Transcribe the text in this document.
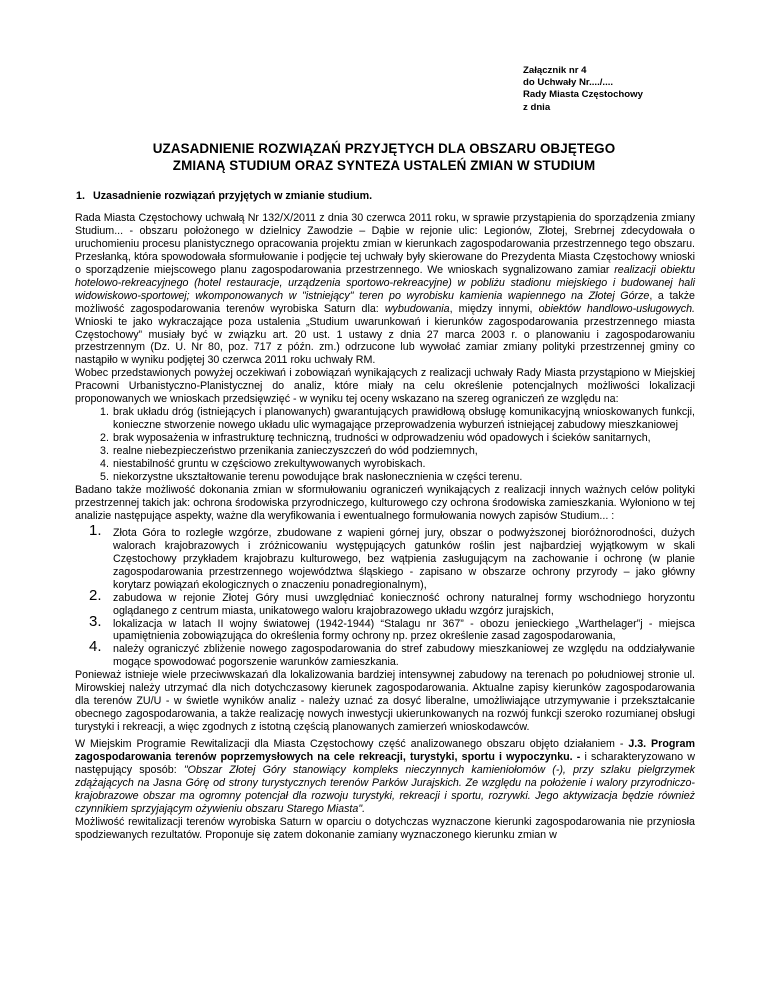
Załącznik nr 4
do Uchwały Nr..../....
Rady Miasta Częstochowy
z dnia
UZASADNIENIE ROZWIĄZAŃ PRZYJĘTYCH DLA OBSZARU OBJĘTEGO
ZMIANĄ STUDIUM ORAZ SYNTEZA USTALEŃ ZMIAN W STUDIUM
1. Uzasadnienie rozwiązań przyjętych w zmianie studium.

Rada Miasta Częstochowy uchwałą Nr 132/X/2011 z dnia 30 czerwca 2011 roku, w sprawie przystąpienia do sporządzenia zmiany Studium... - obszaru położonego w dzielnicy Zawodzie – Dąbie w rejonie ulic: Legionów, Złotej, Srebrnej zdecydowała o uruchomieniu procesu planistycznego opracowania projektu zmian w kierunkach zagospodarowania przestrzennego tego obszaru. Przesłanką, która spowodowała sformułowanie i podjęcie tej uchwały były skierowane do Prezydenta Miasta Częstochowy wnioski o sporządzenie miejscowego planu zagospodarowania przestrzennego. We wnioskach sygnalizowano zamiar realizacji obiektu hotelowo-rekreacyjnego (hotel restauracje, urządzenia sportowo-rekreacyjne) w pobliżu stadionu miejskiego i budowanej hali widowiskowo-sportowej; wkomponowanych w "istniejący" teren po wyrobisku kamienia wapiennego na Złotej Górze, a także możliwość zagospodarowania terenów wyrobiska Saturn dla: wybudowania, między innymi, obiektów handlowo-usługowych. Wnioski te jako wykraczające poza ustalenia „Studium uwarunkowań i kierunków zagospodarowania przestrzennego miasta Częstochowy” musiały być w związku art. 20 ust. 1 ustawy z dnia 27 marca 2003 r. o planowaniu i zagospodarowaniu przestrzennym (Dz. U. Nr 80, poz. 717 z późn. zm.) odrzucone lub wywołać zamiar zmiany polityki przestrzennej gminy co nastąpiło w wyniku podjętej 30 czerwca 2011 roku uchwały RM.

Wobec przedstawionych powyżej oczekiwań i zobowiązań wynikających z realizacji uchwały Rady Miasta przystąpiono w Miejskiej Pracowni Urbanistyczno-Planistycznej do analiz, które miały na celu określenie potencjalnych możliwości lokalizacji proponowanych we wnioskach przedsięwzięć - w wyniku tej oceny wskazano na szereg ograniczeń ze względu na:

1. brak układu dróg (istniejących i planowanych) gwarantujących prawidłową obsługę komunikacyjną wnioskowanych funkcji, konieczne stworzenie nowego układu ulic wymagające przeprowadzenia wyburzeń istniejącej zabudowy mieszkaniowej
2. brak wyposażenia w infrastrukturę techniczną, trudności w odprowadzeniu wód opadowych i ścieków sanitarnych,
3. realne niebezpieczeństwo przenikania zanieczyszczeń do wód podziemnych,
4. niestabilność gruntu w częściowo zrekultywowanych wyrobiskach.
5. niekorzystne ukształtowanie terenu powodujące brak nasłonecznienia w części terenu.

Badano także możliwość dokonania zmian w sformułowaniu ograniczeń wynikających z realizacji innych ważnych celów polityki przestrzennej takich jak: ochrona środowiska przyrodniczego, kulturowego czy ochrona środowiska zamieszkania. Wyłoniono w tej analizie następujące aspekty, ważne dla weryfikowania i ewentualnego formułowania nowych zapisów Studium... :

1. Złota Góra to rozległe wzgórze, zbudowane z wapieni górnej jury, obszar o podwyższonej bioróżnorodności, dużych walorach krajobrazowych i zróżnicowaniu występujących gatunków roślin jest najbardziej wyjątkowym w skali Częstochowy przykładem krajobrazu kulturowego, bez wątpienia zasługującym na zachowanie i ochronę (w planie zagospodarowania przestrzennego województwa śląskiego - zapisano w obszarze ochrony przyrody – jako główny korytarz powiązań ekologicznych o znaczeniu ponadregionalnym),
2. zabudowa w rejonie Złotej Góry musi uwzględniać konieczność ochrony naturalnej formy wschodniego horyzontu oglądanego z centrum miasta, unikatowego waloru krajobrazowego układu wzgórz jurajskich,
3. lokalizacja w latach II wojny światowej (1942-1944) “Stalagu nr 367” - obozu jenieckiego „Warthelager”j - miejsca upamiętnienia zobowiązująca do określenia formy ochrony np. przez określenie zasad zagospodarowania,
4. należy ograniczyć zbliżenie nowego zagospodarowania do stref zabudowy mieszkaniowej ze względu na oddziaływanie mogące spowodować pogorszenie warunków zamieszkania.

Ponieważ istnieje wiele przeciwwskazań dla lokalizowania bardziej intensywnej zabudowy na terenach po południowej stronie ul. Mirowskiej należy utrzymać dla nich dotychczasowy kierunek zagospodarowania. Aktualne zapisy kierunków zagospodarowania dla terenów ZU/U - w świetle wyników analiz - należy uznać za dosyć liberalne, umożliwiające utrzymywanie i przekształcanie obecnego zagospodarowania, a także realizację nowych inwestycji ukierunkowanych na rozwój funkcji szeroko rozumianej obsługi turystyki i rekreacji, a więc zgodnych z istotną częścią planowanych zamierzeń wnioskodawców.

W Miejskim Programie Rewitalizacji dla Miasta Częstochowy część analizowanego obszaru objęto działaniem - J.3. Program zagospodarowania terenów poprzemysłowych na cele rekreacji, turystyki, sportu i wypoczynku. - i scharakteryzowano w następujący sposób: "Obszar Złotej Góry stanowiący kompleks nieczynnych kamieniołomów (-), przy szlaku pielgrzymek zdążających na Jasna Górę od strony turystycznych terenów Parków Jurajskich. Ze względu na położenie i walory przyrodniczo-krajobrazowe obszar ma ogromny potencjał dla rozwoju turystyki, rekreacji i sportu, rozrywki. Jego aktywizacja będzie również czynnikiem sprzyjającym ożywieniu obszaru Starego Miasta".

Możliwość rewitalizacji terenów wyrobiska Saturn w oparciu o dotychczas wyznaczone kierunki zagospodarowania nie przyniosła spodziewanych rezultatów. Proponuje się zatem dokonanie zamiany wyznaczonego kierunku zmian w
